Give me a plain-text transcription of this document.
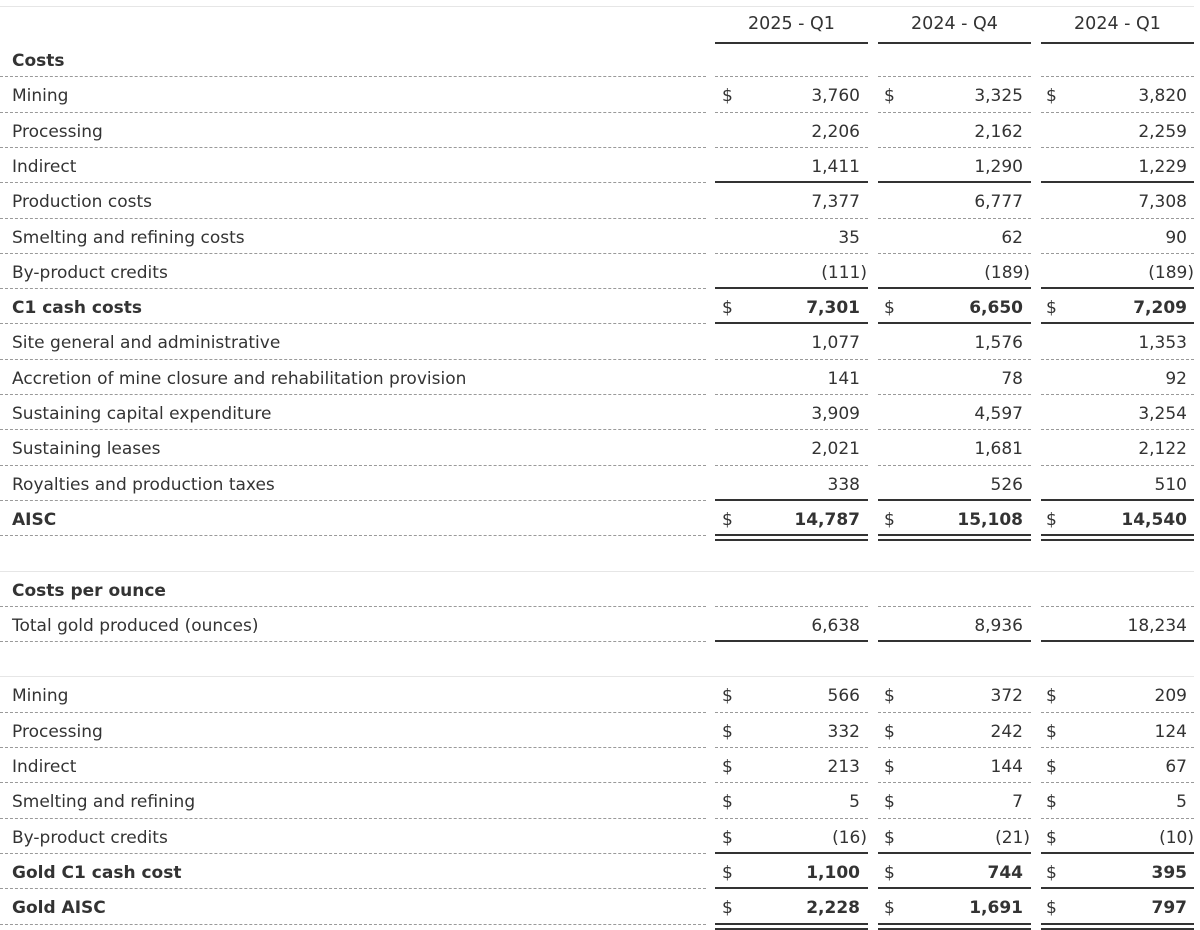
2025 - Q1	2024 - Q4	2024 - Q1
Costs
Mining	$	3,760 $	3,325 $	3,820
Processing	2,206	2,162	2,259
Indirect	1,411	1,290	1,229
Production costs	7,377	6,777	7,308
Smelting and refining costs	35	62	90
By-product credits	(111)	(189)	(189)
C1 cash costs	$	7,301 $	6,650 $	7,209
Site general and administrative	1,077	1,576	1,353
Accretion of mine closure and rehabilitation provision	141	78	92
Sustaining capital expenditure	3,909	4,597	3,254
Sustaining leases	2,021	1,681	2,122
Royalties and production taxes	338	526	510
AISC	$	14,787 $	15,108 $	14,540
Costs per ounce
Total gold produced (ounces)	6,638	8,936	18,234
Mining	$	566 $	372 $	209
Processing	$	332 $	242 $	124
Indirect	$	213 $	144 $	67
Smelting and refining	$	5 $	7 $	5
By-product credits	$	(16) $	(21) $	(10)
Gold C1 cash cost	$	1,100 $	744 $	395
Gold AISC	$	2,228 $	1,691 $	797
